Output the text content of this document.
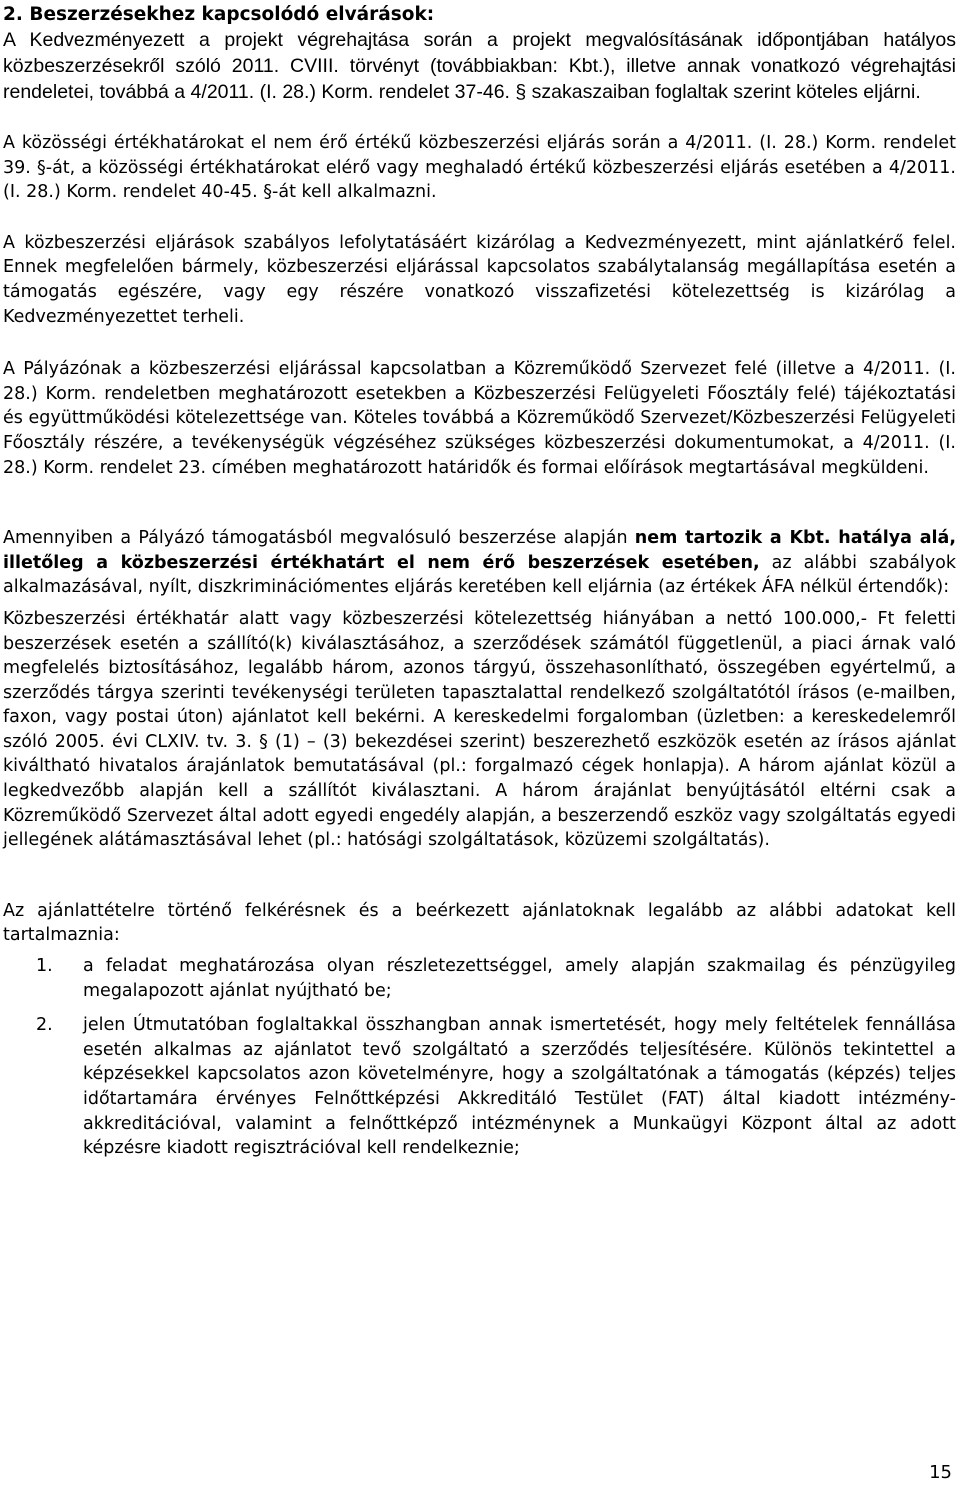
2. Beszerzésekhez kapcsolódó elvárások:

A Kedvezményezett a projekt végrehajtása során a projekt megvalósításának időpontjában hatályos közbeszerzésekről szóló 2011. CVIII. törvényt (továbbiakban: Kbt.), illetve annak vonatkozó végrehajtási rendeletei, továbbá a 4/2011. (I. 28.) Korm. rendelet 37-46. § szakaszaiban foglaltak szerint köteles eljárni.

A közösségi értékhatárokat el nem érő értékű közbeszerzési eljárás során a 4/2011. (I. 28.) Korm. rendelet 39. §-át, a közösségi értékhatárokat elérő vagy meghaladó értékű közbeszerzési eljárás esetében a 4/2011. (I. 28.) Korm. rendelet 40-45. §-át kell alkalmazni.

A közbeszerzési eljárások szabályos lefolytatásáért kizárólag a Kedvezményezett, mint ajánlatkérő felel. Ennek megfelelően bármely, közbeszerzési eljárással kapcsolatos szabálytalanság megállapítása esetén a támogatás egészére, vagy egy részére vonatkozó visszafizetési kötelezettség is kizárólag a Kedvezményezettet terheli.

A Pályázónak a közbeszerzési eljárással kapcsolatban a Közreműködő Szervezet felé (illetve a 4/2011. (I. 28.) Korm. rendeletben meghatározott esetekben a Közbeszerzési Felügyeleti Főosztály felé) tájékoztatási és együttműködési kötelezettsége van. Köteles továbbá a Közreműködő Szervezet/Közbeszerzési Felügyeleti Főosztály részére, a tevékenységük végzéséhez szükséges közbeszerzési dokumentumokat, a 4/2011. (I. 28.) Korm. rendelet 23. címében meghatározott határidők és formai előírások megtartásával megküldeni.

Amennyiben a Pályázó támogatásból megvalósuló beszerzése alapján nem tartozik a Kbt. hatálya alá, illetőleg a közbeszerzési értékhatárt el nem érő beszerzések esetében, az alábbi szabályok alkalmazásával, nyílt, diszkriminációmentes eljárás keretében kell eljárnia (az értékek ÁFA nélkül értendők):

Közbeszerzési értékhatár alatt vagy közbeszerzési kötelezettség hiányában a nettó 100.000,- Ft feletti beszerzések esetén a szállító(k) kiválasztásához, a szerződések számától függetlenül, a piaci árnak való megfelelés biztosításához, legalább három, azonos tárgyú, összehasonlítható, összegében egyértelmű, a szerződés tárgya szerinti tevékenységi területen tapasztalattal rendelkező szolgáltatótól írásos (e-mailben, faxon, vagy postai úton) ajánlatot kell bekérni. A kereskedelmi forgalomban (üzletben: a kereskedelemről szóló 2005. évi CLXIV. tv. 3. § (1) – (3) bekezdései szerint) beszerezhető eszközök esetén az írásos ajánlat kiváltható hivatalos árajánlatok bemutatásával (pl.: forgalmazó cégek honlapja). A három ajánlat közül a legkedvezőbb alapján kell a szállítót kiválasztani. A három árajánlat benyújtásától eltérni csak a Közreműködő Szervezet által adott egyedi engedély alapján, a beszerzendő eszköz vagy szolgáltatás egyedi jellegének alátámasztásával lehet (pl.: hatósági szolgáltatások, közüzemi szolgáltatás).

Az ajánlattételre történő felkérésnek és a beérkezett ajánlatoknak legalább az alábbi adatokat kell tartalmaznia:

1.	a feladat meghatározása olyan részletezettséggel, amely alapján szakmailag és pénzügyileg megalapozott ajánlat nyújtható be;
2.	jelen Útmutatóban foglaltakkal összhangban annak ismertetését, hogy mely feltételek fennállása esetén alkalmas az ajánlatot tevő szolgáltató a szerződés teljesítésére. Különös tekintettel a képzésekkel kapcsolatos azon követelményre, hogy a szolgáltatónak a támogatás (képzés) teljes időtartamára érvényes Felnőttképzési Akkreditáló Testület (FAT) által kiadott intézmény-akkreditációval, valamint a felnőttképző intézménynek a Munkaügyi Központ által az adott képzésre kiadott regisztrációval kell rendelkeznie;
15
